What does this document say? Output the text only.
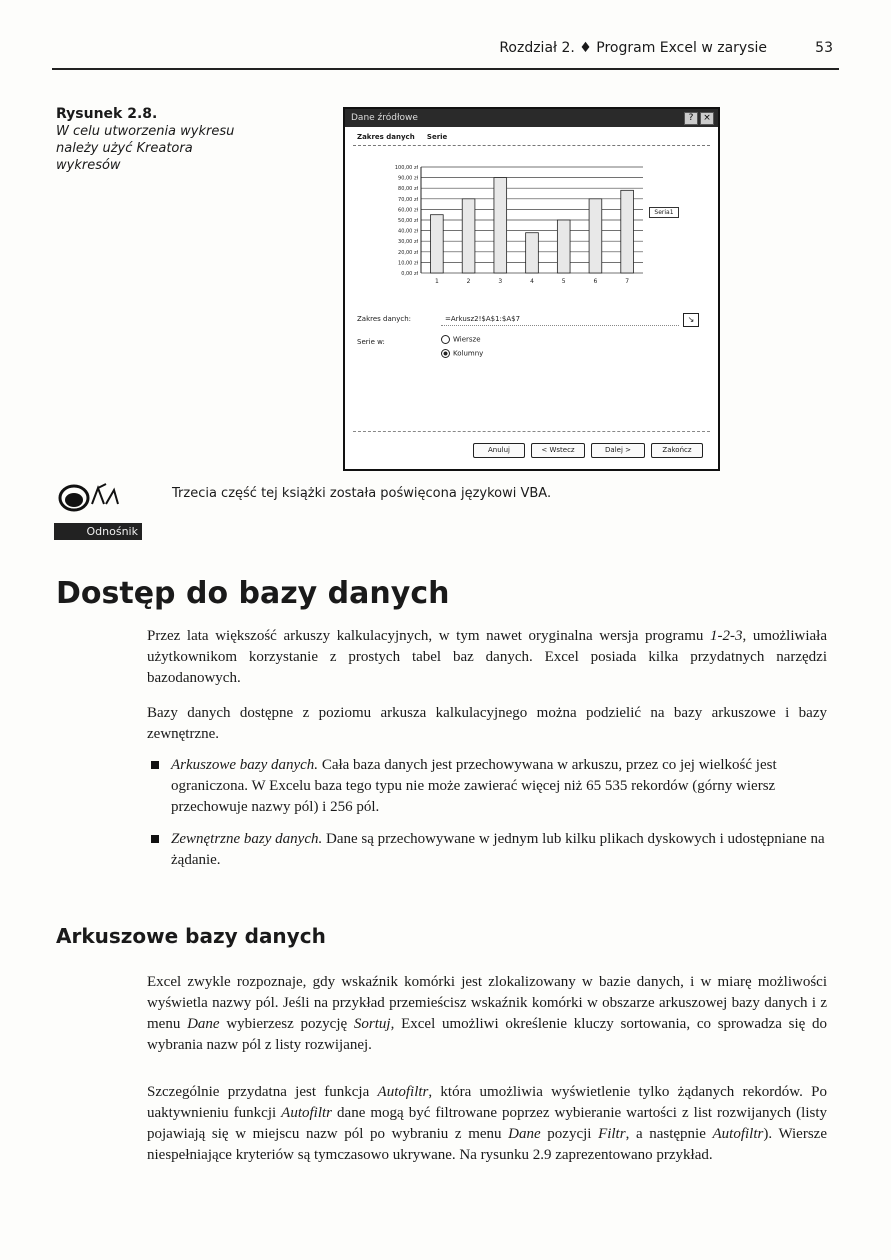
Rozdział 2. ♦ Program Excel w zarysie	53
Rysunek 2.8.
W celu utworzenia wykresu należy użyć Kreatora wykresów
Dane źródłowe	?	×
Zakres danych Serie
100,00 zł
90,00 zł
80,00 zł
70,00 zł
60,00 zł
50,00 zł
40,00 zł
30,00 zł
20,00 zł
10,00 zł
0,00 zł
1	2	3	4	5	6	7
Seria1
Zakres danych:	=Arkusz2!$A$1:$A$7	↘
Serie w:	Wiersze
Kolumny
Anuluj	< Wstecz	Dalej >	Zakończ
Odnośnik
Trzecia część tej książki została poświęcona językowi VBA.
Dostęp do bazy danych

Przez lata większość arkuszy kalkulacyjnych, w tym nawet oryginalna wersja programu 1-2-3, umożliwiała użytkownikom korzystanie z prostych tabel baz danych. Excel posiada kilka przydatnych narzędzi bazodanowych.

Bazy danych dostępne z poziomu arkusza kalkulacyjnego można podzielić na bazy arkuszowe i bazy zewnętrzne.

Arkuszowe bazy danych. Cała baza danych jest przechowywana w arkuszu, przez co jej wielkość jest ograniczona. W Excelu baza tego typu nie może zawierać więcej niż 65 535 rekordów (górny wiersz przechowuje nazwy pól) i 256 pól.
Zewnętrzne bazy danych. Dane są przechowywane w jednym lub kilku plikach dyskowych i udostępniane na żądanie.
Arkuszowe bazy danych

Excel zwykle rozpoznaje, gdy wskaźnik komórki jest zlokalizowany w bazie danych, i w miarę możliwości wyświetla nazwy pól. Jeśli na przykład przemieścisz wskaźnik komórki w obszarze arkuszowej bazy danych i z menu Dane wybierzesz pozycję Sortuj, Excel umożliwi określenie kluczy sortowania, co sprowadza się do wybrania nazw pól z listy rozwijanej.

Szczególnie przydatna jest funkcja Autofiltr, która umożliwia wyświetlenie tylko żądanych rekordów. Po uaktywnieniu funkcji Autofiltr dane mogą być filtrowane poprzez wybieranie wartości z list rozwijanych (listy pojawiają się w miejscu nazw pól po wybraniu z menu Dane pozycji Filtr, a następnie Autofiltr). Wiersze niespełniające kryteriów są tymczasowo ukrywane. Na rysunku 2.9 zaprezentowano przykład.
